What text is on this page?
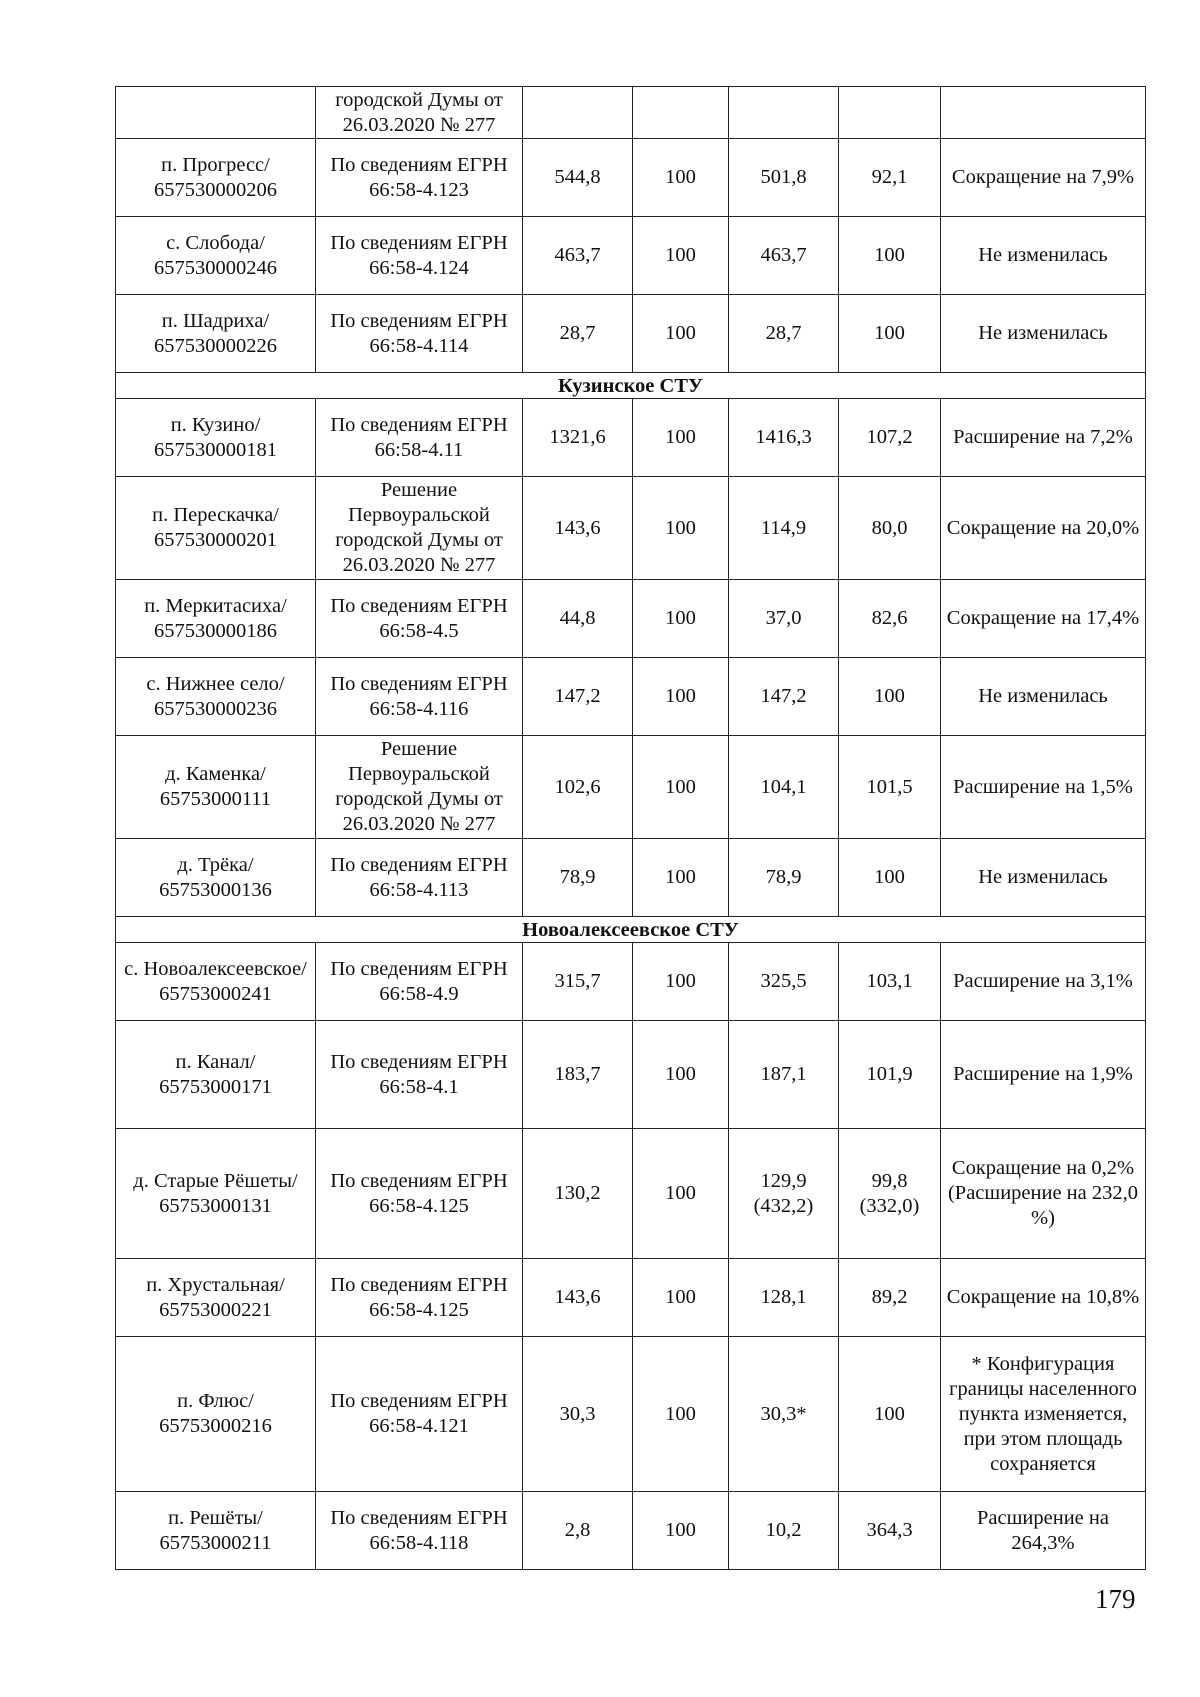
	городской Думы от 26.03.2020 № 277					
п. Прогресс/ 657530000206	По сведениям ЕГРН 66:58-4.123	544,8	100	501,8	92,1	Сокращение на 7,9%
с. Слобода/ 657530000246	По сведениям ЕГРН 66:58-4.124	463,7	100	463,7	100	Не изменилась
п. Шадриха/ 657530000226	По сведениям ЕГРН 66:58-4.114	28,7	100	28,7	100	Не изменилась
Кузинское СТУ						
п. Кузино/ 657530000181	По сведениям ЕГРН 66:58-4.11	1321,6	100	1416,3	107,2	Расширение на 7,2%
п. Перескачка/ 657530000201	Решение Первоуральской городской Думы от 26.03.2020 № 277	143,6	100	114,9	80,0	Сокращение на 20,0%
п. Меркитасиха/ 657530000186	По сведениям ЕГРН 66:58-4.5	44,8	100	37,0	82,6	Сокращение на 17,4%
с. Нижнее село/ 657530000236	По сведениям ЕГРН 66:58-4.116	147,2	100	147,2	100	Не изменилась
д. Каменка/ 65753000111	Решение Первоуральской городской Думы от 26.03.2020 № 277	102,6	100	104,1	101,5	Расширение на 1,5%
д. Трёка/ 65753000136	По сведениям ЕГРН 66:58-4.113	78,9	100	78,9	100	Не изменилась
Новоалексеевское СТУ						
с. Новоалексеевское/ 65753000241	По сведениям ЕГРН 66:58-4.9	315,7	100	325,5	103,1	Расширение на 3,1%
п. Канал/ 65753000171	По сведениям ЕГРН 66:58-4.1	183,7	100	187,1	101,9	Расширение на 1,9%
д. Старые Рёшеты/ 65753000131	По сведениям ЕГРН 66:58-4.125	130,2	100	129,9 (432,2)	99,8 (332,0)	Сокращение на 0,2% (Расширение на 232,0 %)
п. Хрустальная/ 65753000221	По сведениям ЕГРН 66:58-4.125	143,6	100	128,1	89,2	Сокращение на 10,8%
п. Флюс/ 65753000216	По сведениям ЕГРН 66:58-4.121	30,3	100	30,3*	100	* Конфигурация границы населенного пункта изменяется, при этом площадь сохраняется
п. Решёты/ 65753000211	По сведениям ЕГРН 66:58-4.118	2,8	100	10,2	364,3	Расширение на 264,3%
179
